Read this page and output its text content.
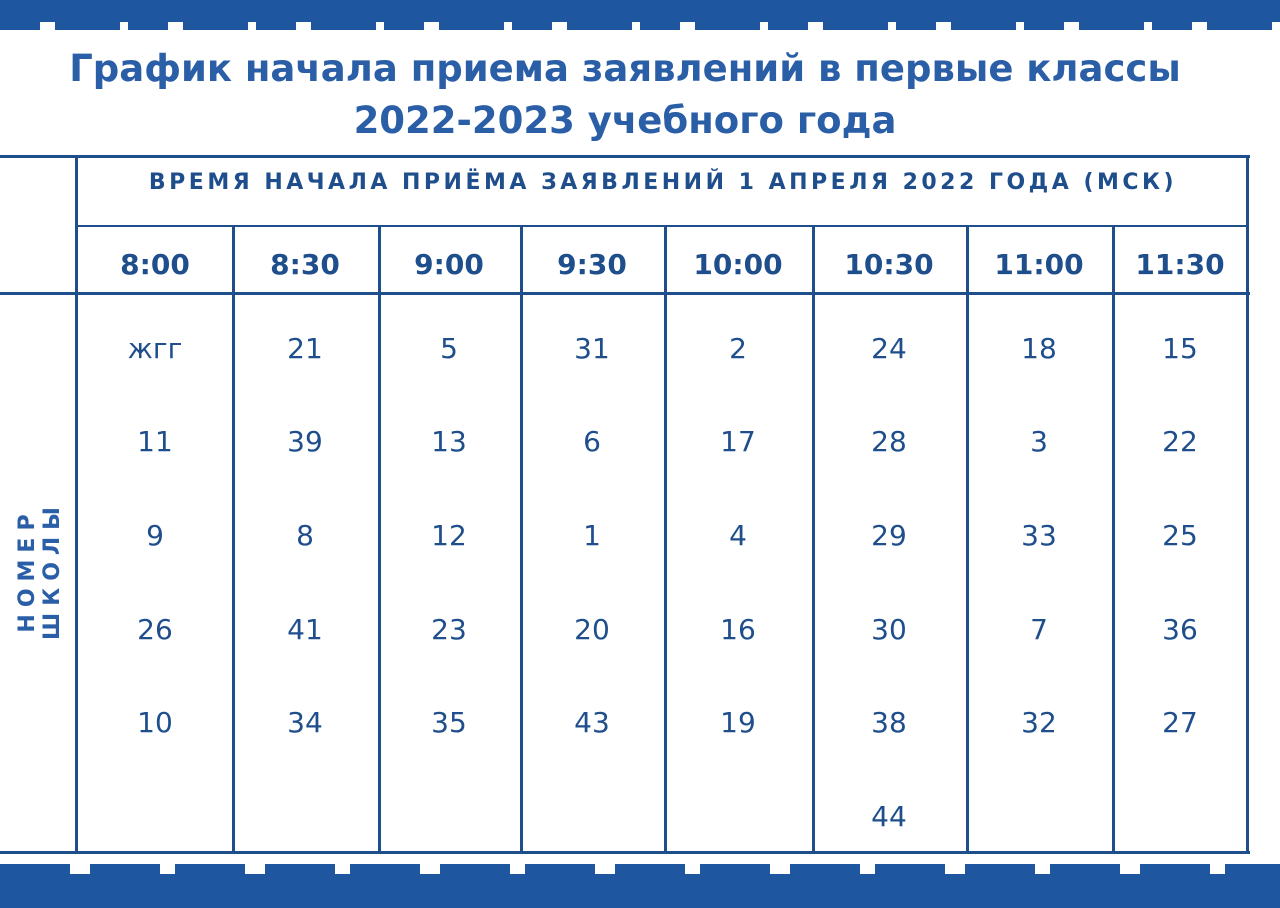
График начала приема заявлений в первые классы
2022-2023 учебного года
ВРЕМЯ НАЧАЛА ПРИЁМА ЗАЯВЛЕНИЙ 1 АПРЕЛЯ 2022 ГОДА (МСК)
НОМЕР ШКОЛЫ
8:00
жгг
11
9
26
10
8:30
21
39
8
41
34
9:00
5
13
12
23
35
9:30
31
6
1
20
43
10:00
2
17
4
16
19
10:30
24
28
29
30
38
44
11:00
18
3
33
7
32
11:30
15
22
25
36
27
